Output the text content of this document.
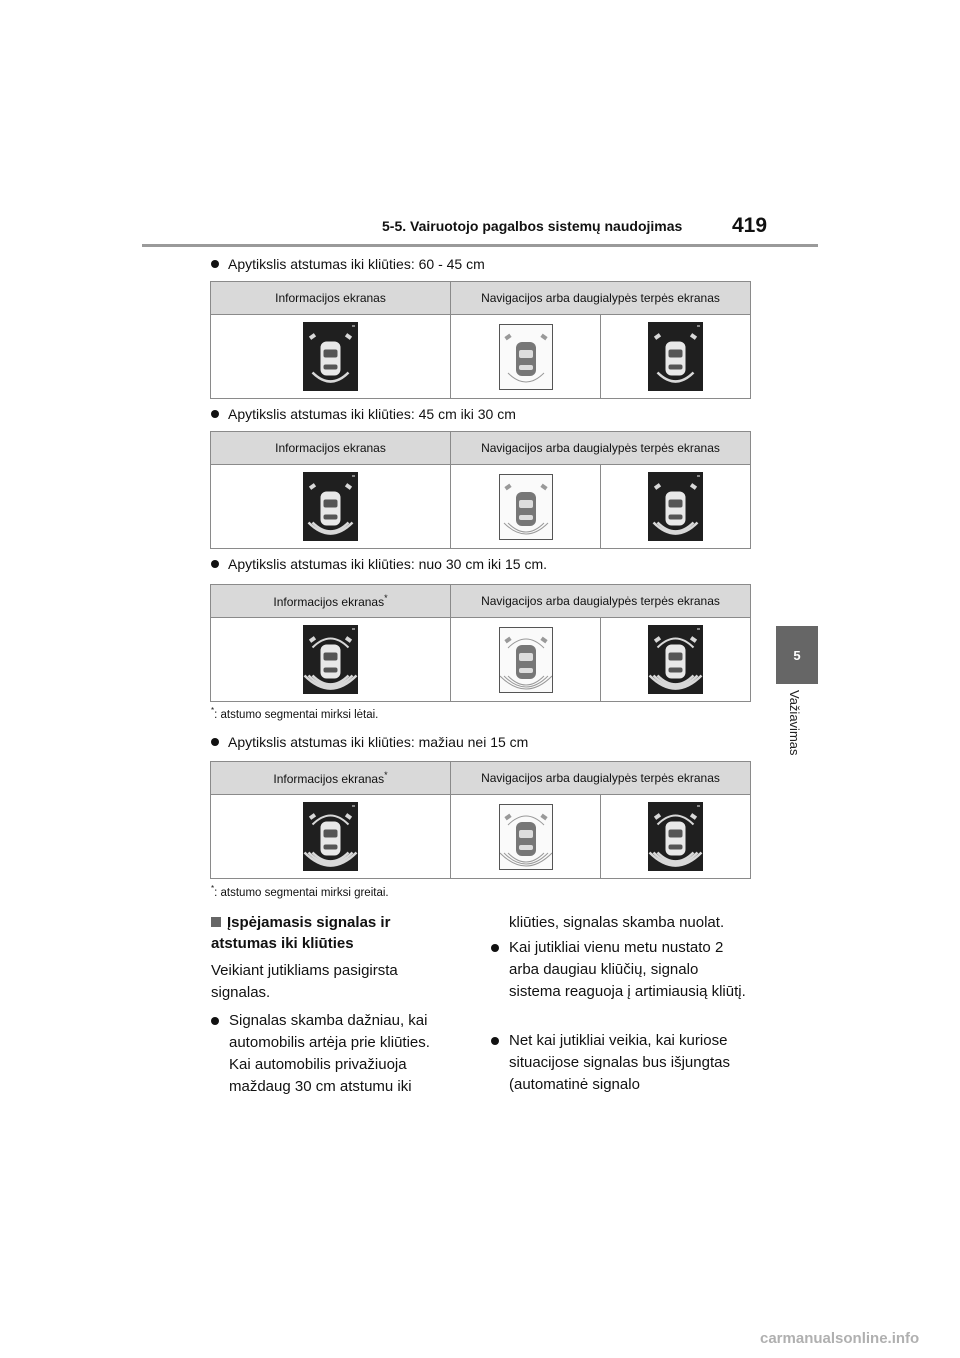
5-5. Vairuotojo pagalbos sistemų naudojimas 419
5
Važiavimas
Apytikslis atstumas iki kliūties: 60 - 45 cm
Informacijos ekranas	Navigacijos arba daugialypės terpės ekranas	

Apytikslis atstumas iki kliūties: 45 cm iki 30 cm
Informacijos ekranas	Navigacijos arba daugialypės terpės ekranas	

Apytikslis atstumas iki kliūties: nuo 30 cm iki 15 cm.
Informacijos ekranas*	Navigacijos arba daugialypės terpės ekranas	

*: atstumo segmentai mirksi lėtai.
Apytikslis atstumas iki kliūties: mažiau nei 15 cm
Informacijos ekranas*	Navigacijos arba daugialypės terpės ekranas	

*: atstumo segmentai mirksi greitai.
Įspėjamasis signalas ir atstumas iki kliūties
Veikiant jutikliams pasigirsta signalas.
Signalas skamba dažniau, kai automobilis artėja prie kliūties. Kai automobilis privažiuoja maždaug 30 cm atstumu iki
kliūties, signalas skamba nuolat.
Kai jutikliai vienu metu nustato 2 arba daugiau kliūčių, signalo sistema reaguoja į artimiausią kliūtį.
Net kai jutikliai veikia, kai kuriose situacijose signalas bus išjungtas (automatinė signalo
carmanualsonline.info
